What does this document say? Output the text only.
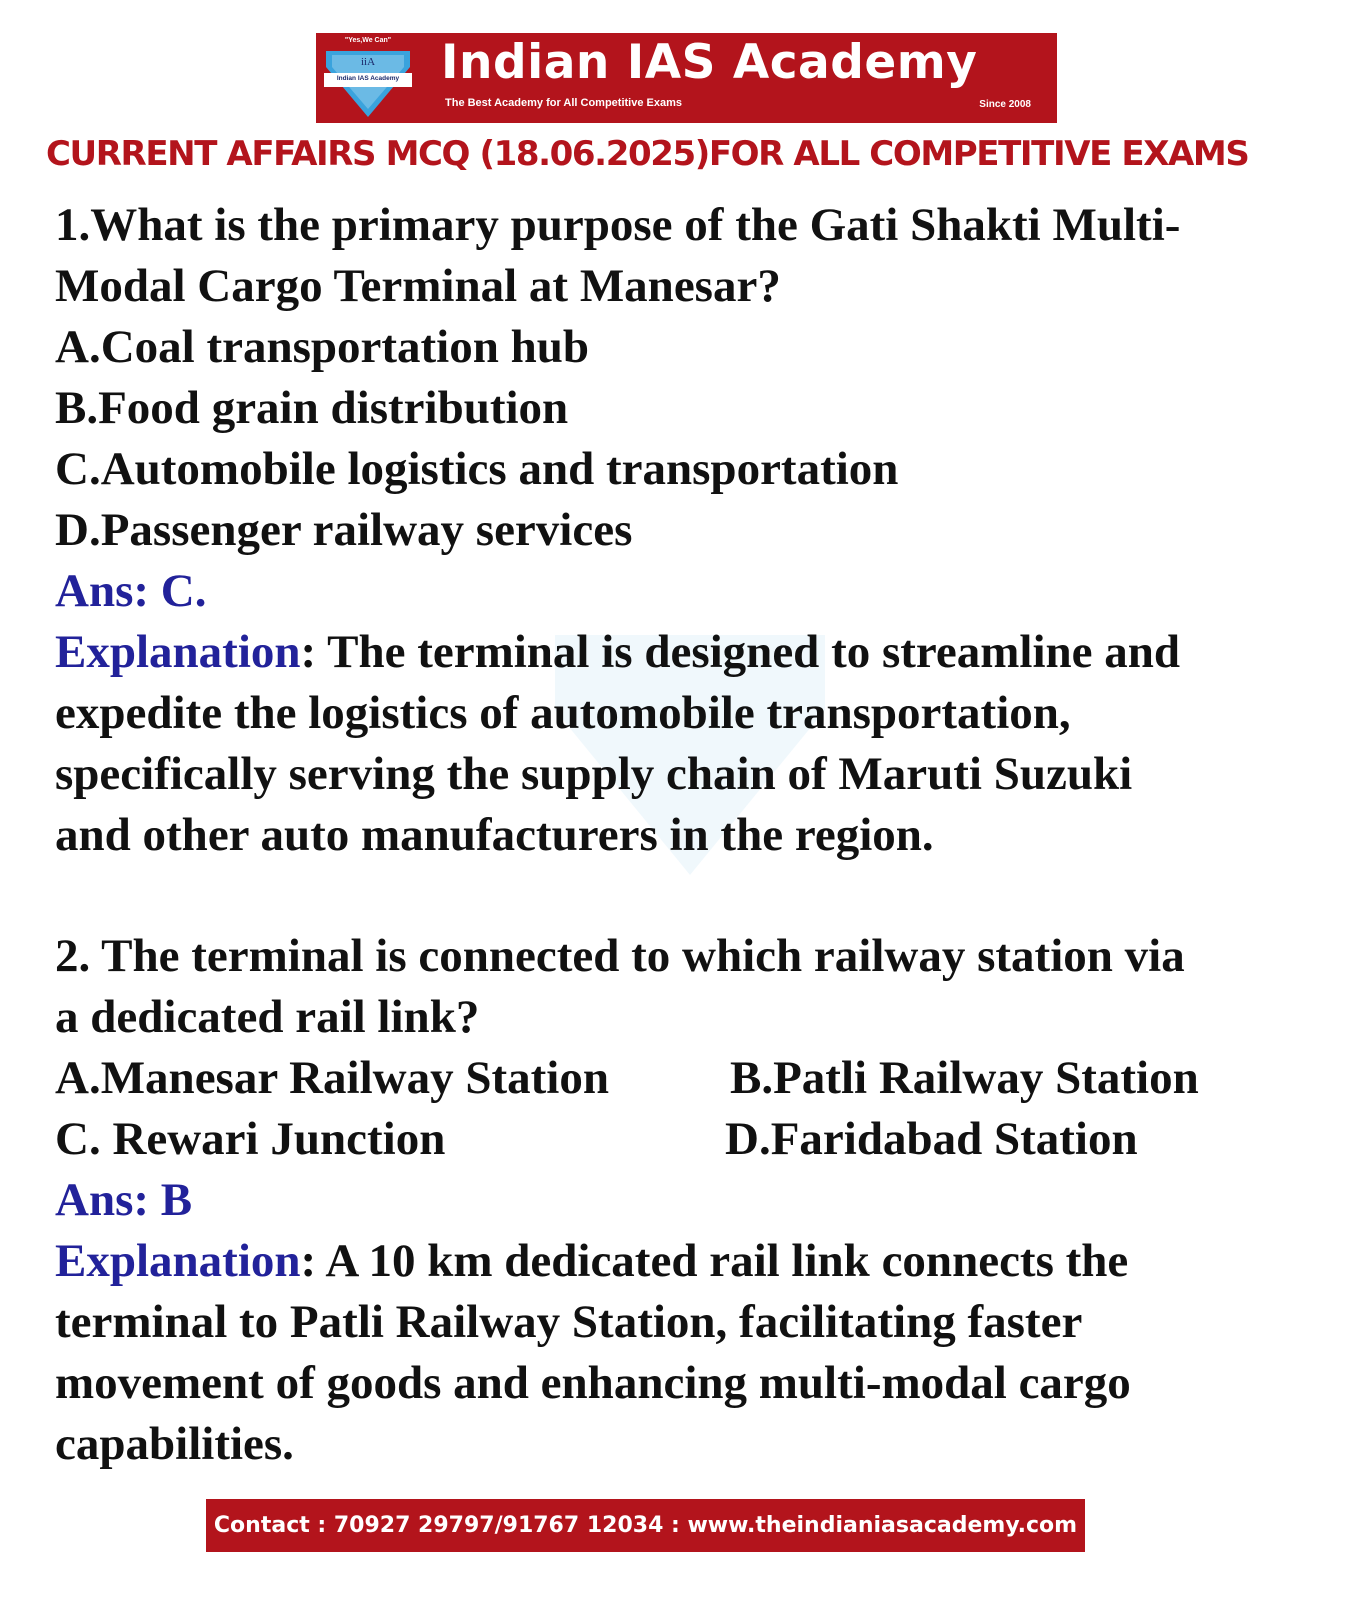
"Yes,We Can"
iiA
Indian IAS Academy Indian IAS Academy
The Best Academy for All Competitive Exams	Since 2008
CURRENT AFFAIRS MCQ (18.06.2025)FOR ALL COMPETITIVE EXAMS
1.What is the primary purpose of the Gati Shakti Multi-
Modal Cargo Terminal at Manesar?
A.Coal transportation hub
B.Food grain distribution
C.Automobile logistics and transportation
D.Passenger railway services
Ans: C.
Explanation: The terminal is designed to streamline and
expedite the logistics of automobile transportation,
specifically serving the supply chain of Maruti Suzuki
and other auto manufacturers in the region.
2. The terminal is connected to which railway station via
a dedicated rail link?
A.Manesar Railway Station	B.Patli Railway Station
C. Rewari Junction	D.Faridabad Station
Ans: B
Explanation: A 10 km dedicated rail link connects the
terminal to Patli Railway Station, facilitating faster
movement of goods and enhancing multi-modal cargo
capabilities.
Contact : 70927 29797/91767 12034 : www.theindianiasacademy.com
